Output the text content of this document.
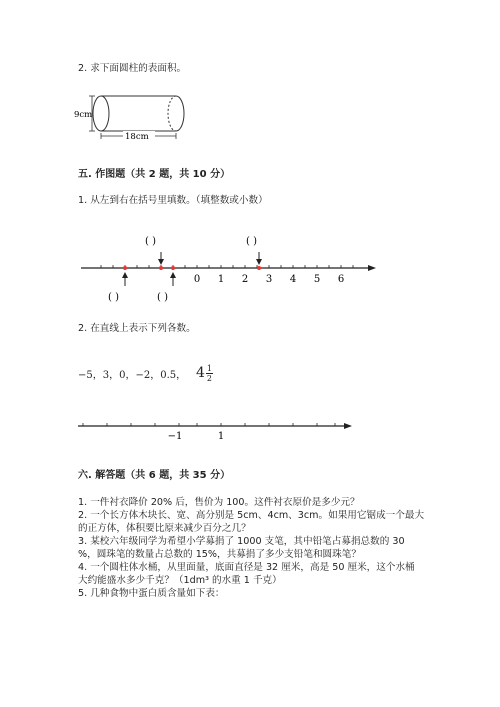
2. 求下面圆柱的表面积。
9cm
18cm
五. 作图题（共 2 题，共 10 分）
1. 从左到右在括号里填数。（填整数或小数）
( )	( )
0 1 2 3 4 5 6
( )	( )
2. 在直线上表示下列各数。
−5，3，0，−2，0.5， $4 \frac{1}{2}$
−1	1
六. 解答题（共 6 题，共 35 分）
1. 一件衬衣降价 20% 后，售价为 100。这件衬衣原价是多少元？
2. 一个长方体木块长、宽、高分别是 5cm、4cm、3cm。如果用它锯成一个最大
的正方体，体积要比原来减少百分之几？
3. 某校六年级同学为希望小学募捐了 1000 支笔，其中铅笔占募捐总数的 30
%，圆珠笔的数量占总数的 15%，共募捐了多少支铅笔和圆珠笔？
4. 一个圆柱体水桶，从里面量，底面直径是 32 厘米，高是 50 厘米，这个水桶
大约能盛水多少千克？（1dm³ 的水重 1 千克）
5. 几种食物中蛋白质含量如下表：
